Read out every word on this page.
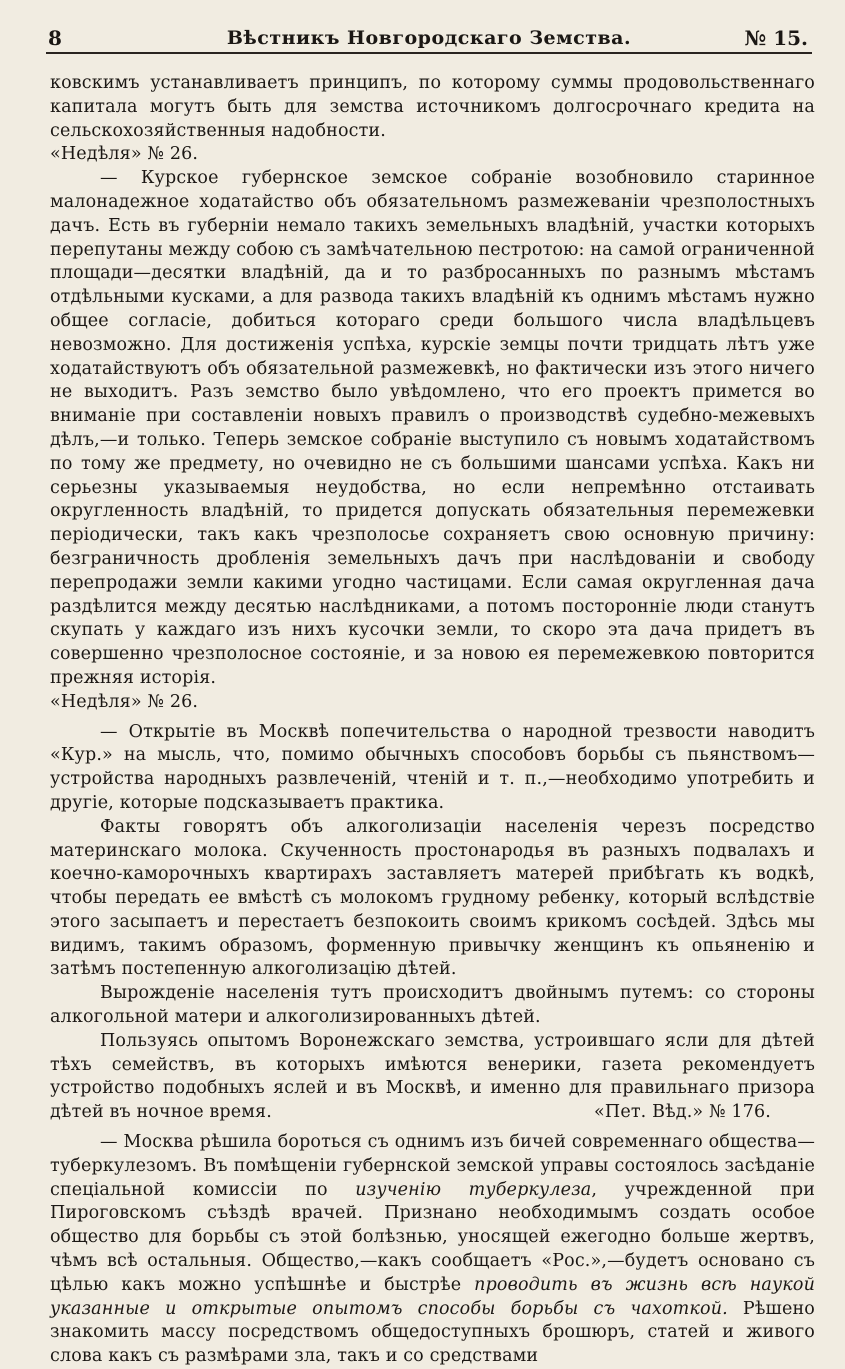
8	Вѣстникъ Новгородскаго Земства.	№ 15.

ковскимъ устанавливаетъ принципъ, по которому суммы продовольственнаго капитала могутъ быть для земства источникомъ долгосрочнаго кредита на сельскохозяйственныя надобности.

«Недѣля» № 26.

— Курское губернское земское собраніе возобновило старинное малонадежное ходатайство объ обязательномъ размежеваніи чрезполостныхъ дачъ. Есть въ губерніи немало такихъ земельныхъ владѣній, участки которыхъ перепутаны между собою съ замѣчательною пестротою: на самой ограниченной площади—десятки владѣній, да и то разбросанныхъ по разнымъ мѣстамъ отдѣльными кусками, а для развода такихъ владѣній къ однимъ мѣстамъ нужно общее согласіе, добиться котораго среди большого числа владѣльцевъ невозможно. Для достиженія успѣха, курскіе земцы почти тридцать лѣтъ уже ходатайствуютъ объ обязательной размежевкѣ, но фактически изъ этого ничего не выходитъ. Разъ земство было увѣдомлено, что его проектъ примется во вниманіе при составленіи новыхъ правилъ о производствѣ судебно-межевыхъ дѣлъ,—и только. Теперь земское собраніе выступило съ новымъ ходатайствомъ по тому же предмету, но очевидно не съ большими шансами успѣха. Какъ ни серьезны указываемыя неудобства, но если непремѣнно отстаивать округленность владѣній, то придется допускать обязательныя перемежевки періодически, такъ какъ чрезполосье сохраняетъ свою основную причину: безграничность дробленія земельныхъ дачъ при наслѣдованіи и свободу перепродажи земли какими угодно частицами. Если самая округленная дача раздѣлится между десятью наслѣдниками, а потомъ посторонніе люди станутъ скупать у каждаго изъ нихъ кусочки земли, то скоро эта дача придетъ въ совершенно чрезполосное состояніе, и за новою ея перемежевкою повторится прежняя исторія.

«Недѣля» № 26.

— Открытіе въ Москвѣ попечительства о народной трезвости наводитъ «Кур.» на мысль, что, помимо обычныхъ способовъ борьбы съ пьянствомъ—устройства народныхъ развлеченій, чтеній и т. п.,—необходимо употребить и другіе, которые подсказываетъ практика.

Факты говорятъ объ алкоголизаціи населенія черезъ посредство материнскаго молока. Скученность простонародья въ разныхъ подвалахъ и коечно-каморочныхъ квартирахъ заставляетъ матерей прибѣгать къ водкѣ, чтобы передать ее вмѣстѣ съ молокомъ грудному ребенку, который вслѣдствіе этого засыпаетъ и перестаетъ безпокоить своимъ крикомъ сосѣдей. Здѣсь мы видимъ, такимъ образомъ, форменную привычку женщинъ къ опьяненію и затѣмъ постепенную алкоголизацію дѣтей.

Вырожденіе населенія тутъ происходитъ двойнымъ путемъ: со стороны алкогольной матери и алкоголизированныхъ дѣтей.

Пользуясь опытомъ Воронежскаго земства, устроившаго ясли для дѣтей тѣхъ семействъ, въ которыхъ имѣются венерики, газета рекомендуетъ устройство подобныхъ яслей и въ Москвѣ, и именно для правильнаго призора дѣтей въ ночное время.	«Пет. Вѣд.» № 176.

— Москва рѣшила бороться съ однимъ изъ бичей современнаго общества—туберкулезомъ. Въ помѣщеніи губернской земской управы состоялось засѣданіе спеціальной комиссіи по изученію туберкулеза, учрежденной при Пироговскомъ съѣздѣ врачей. Признано необходимымъ создать особое общество для борьбы съ этой болѣзнью, уносящей ежегодно больше жертвъ, чѣмъ всѣ остальныя. Общество,—какъ сообщаетъ «Рос.»,—будетъ основано съ цѣлью какъ можно успѣшнѣе и быстрѣе проводить въ жизнь всѣ наукой указанные и открытые опытомъ способы борьбы съ чахоткой. Рѣшено знакомить массу посредствомъ общедоступныхъ брошюръ, статей и живого слова какъ съ размѣрами зла, такъ и со средствами
